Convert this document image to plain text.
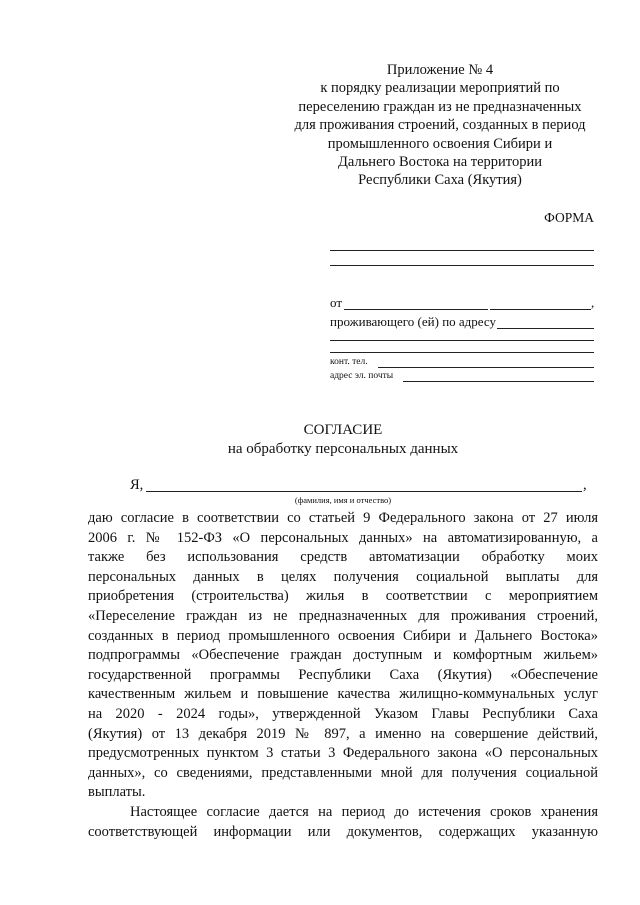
Приложение № 4
к порядку реализации мероприятий по
переселению граждан из не предназначенных
для проживания строений, созданных в период
промышленного освоения Сибири и
Дальнего Востока на территории
Республики Саха (Якутия)
ФОРМА
от	,
проживающего (ей) по адресу
конт. тел.
адрес эл. почты
СОГЛАСИЕ
на обработку персональных данных
Я,	,
(фамилия, имя и отчество)
даю согласие в соответствии со статьей 9 Федерального закона от 27 июля
2006 г. № 152-ФЗ «О персональных данных» на автоматизированную, а
также без использования средств автоматизации обработку моих
персональных данных в целях получения социальной выплаты для
приобретения (строительства) жилья в соответствии с мероприятием
«Переселение граждан из не предназначенных для проживания строений,
созданных в период промышленного освоения Сибири и Дальнего Востока»
подпрограммы «Обеспечение граждан доступным и комфортным жильем»
государственной программы Республики Саха (Якутия) «Обеспечение
качественным жильем и повышение качества жилищно-коммунальных услуг
на 2020 - 2024 годы», утвержденной Указом Главы Республики Саха
(Якутия) от 13 декабря 2019 № 897, а именно на совершение действий,
предусмотренных пунктом 3 статьи 3 Федерального закона «О персональных
данных», со сведениями, представленными мной для получения социальной
выплаты.
Настоящее согласие дается на период до истечения сроков хранения
соответствующей информации или документов, содержащих указанную
